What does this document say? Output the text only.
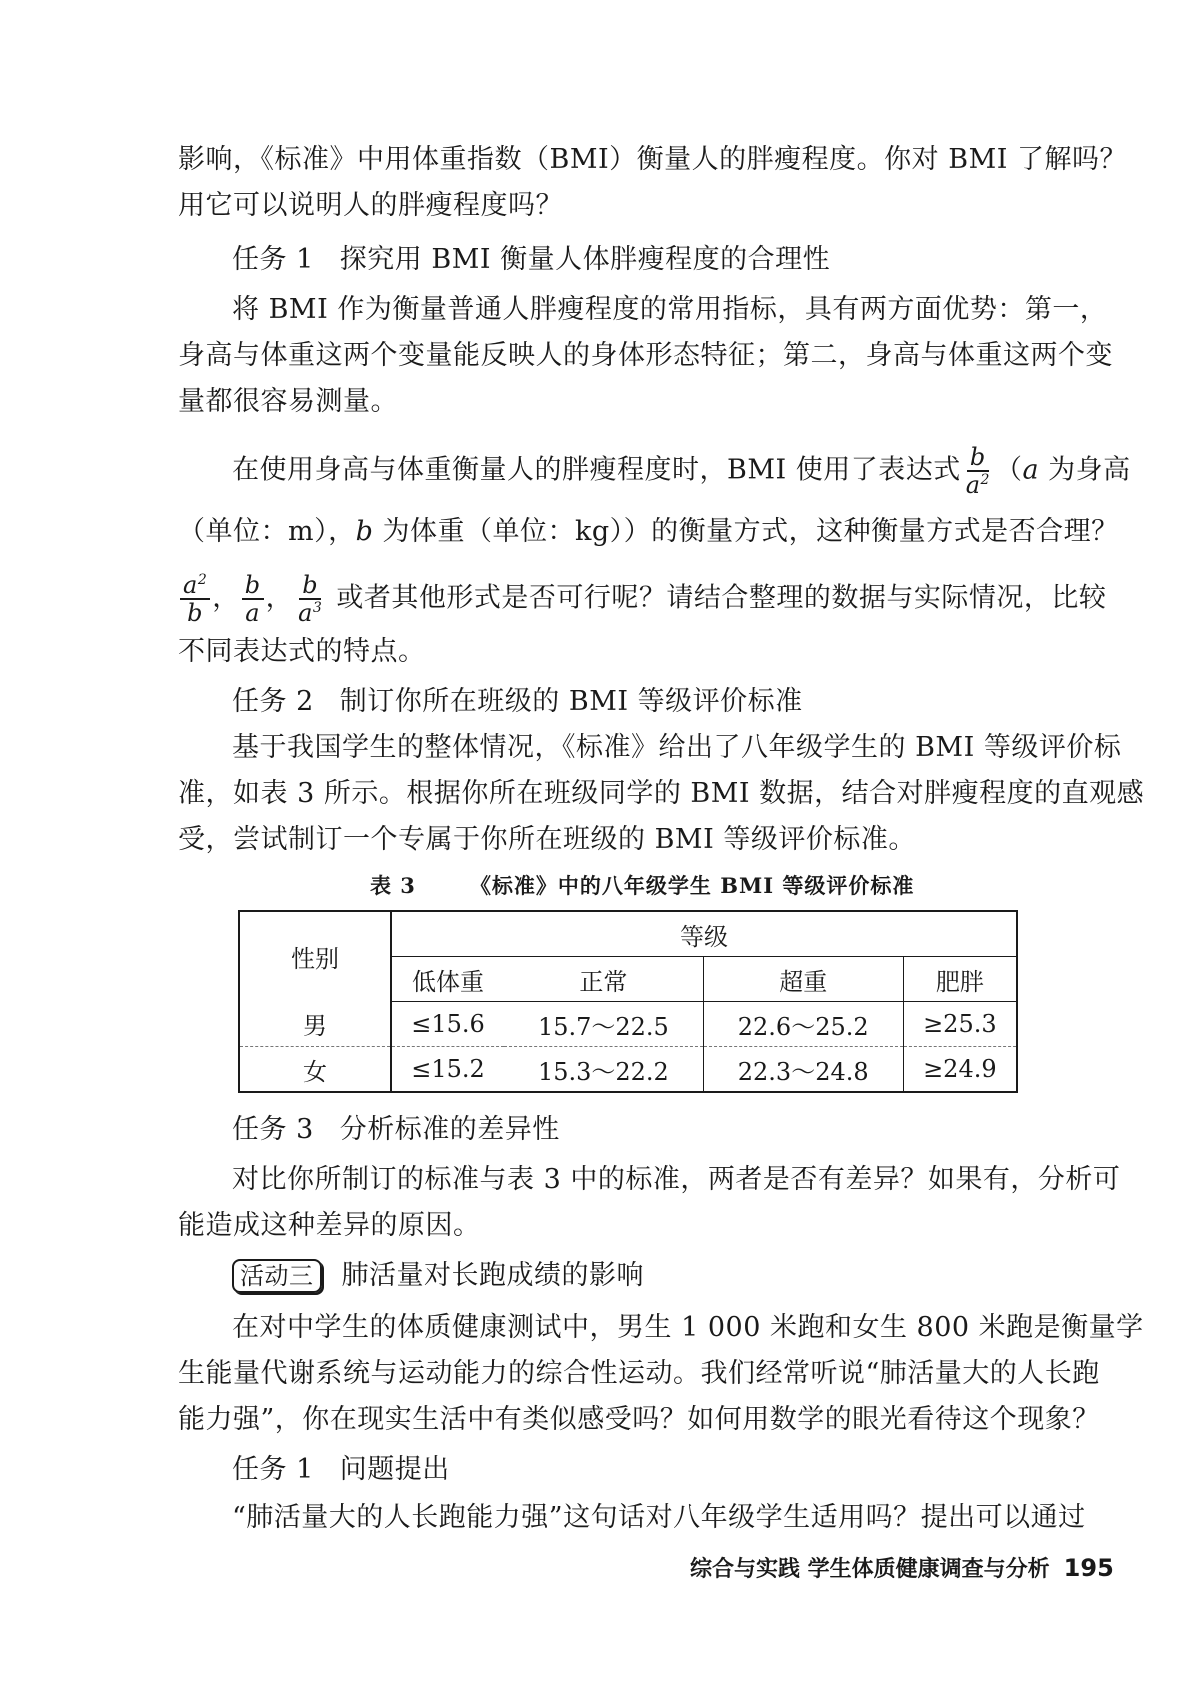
影响，《标准》中用体重指数（BMI）衡量人的胖瘦程度。你对 BMI 了解吗？
用它可以说明人的胖瘦程度吗？
任务 1 探究用 BMI 衡量人体胖瘦程度的合理性
将 BMI 作为衡量普通人胖瘦程度的常用指标，具有两方面优势：第一，
身高与体重这两个变量能反映人的身体形态特征；第二，身高与体重这两个变
量都很容易测量。
在使用身高与体重衡量人的胖瘦程度时，BMI 使用了表达式 $\frac{b}{a^2} (a$ 为身高
（单位：m），b 为体重（单位：kg））的衡量方式，这种衡量方式是否合理？
$\frac{a^2}{b}$ ， $\frac{b}{a}$ ， $\frac{b}{a^3}$ 或者其他形式是否可行呢？请结合整理的数据与实际情况，比较
不同表达式的特点。
任务 2 制订你所在班级的 BMI 等级评价标准
基于我国学生的整体情况，《标准》给出了八年级学生的 BMI 等级评价标
准，如表 3 所示。根据你所在班级同学的 BMI 数据，结合对胖瘦程度的直观感
受，尝试制订一个专属于你所在班级的 BMI 等级评价标准。
表 3	《标准》中的八年级学生 BMI 等级评价标准
性别	等级			
	低体重	正常	超重	肥胖
男	≤15.6	15.7～22.5	22.6～25.2	≥25.3
女	≤15.2	15.3～22.2	22.3～24.8	≥24.9
任务 3 分析标准的差异性
对比你所制订的标准与表 3 中的标准，两者是否有差异？如果有，分析可
能造成这种差异的原因。
活动三 肺活量对长跑成绩的影响
在对中学生的体质健康测试中，男生 1 000 米跑和女生 800 米跑是衡量学
生能量代谢系统与运动能力的综合性运动。我们经常听说“肺活量大的人长跑
能力强”，你在现实生活中有类似感受吗？如何用数学的眼光看待这个现象？
任务 1 问题提出
“肺活量大的人长跑能力强”这句话对八年级学生适用吗？提出可以通过
综合与实践 学生体质健康调查与分析 195
